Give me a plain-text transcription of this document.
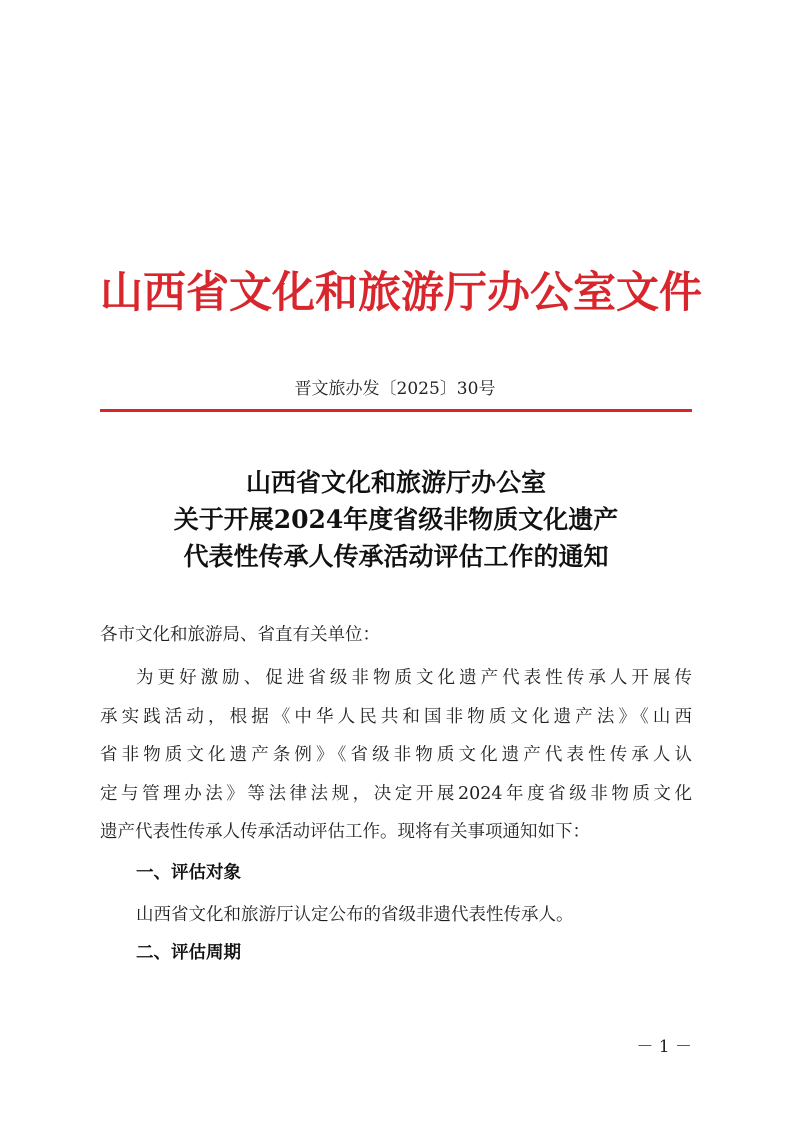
山西省文化和旅游厅办公室文件
晋文旅办发〔2025〕30号
山西省文化和旅游厅办公室
关于开展2024年度省级非物质文化遗产
代表性传承人传承活动评估工作的通知
各市文化和旅游局、省直有关单位：
为更好激励、促进省级非物质文化遗产代表性传承人开展传
承实践活动，根据《中华人民共和国非物质文化遗产法》《山西
省非物质文化遗产条例》《省级非物质文化遗产代表性传承人认
定与管理办法》等法律法规，决定开展2024年度省级非物质文化
遗产代表性传承人传承活动评估工作。现将有关事项通知如下：
一、评估对象
山西省文化和旅游厅认定公布的省级非遗代表性传承人。
二、评估周期
－ 1 －
